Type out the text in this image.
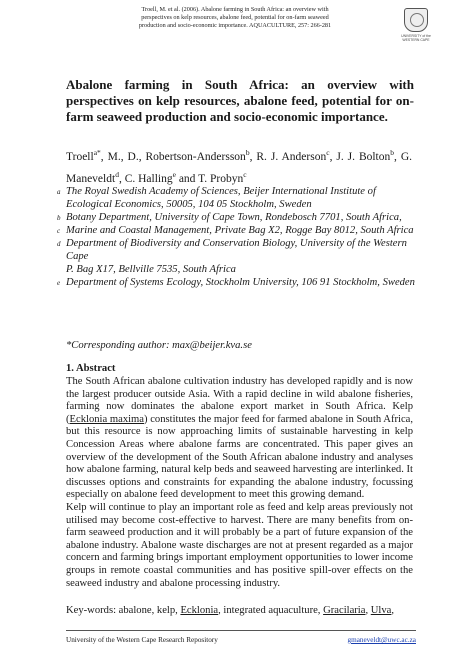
Troell, M. et al. (2006). Abalone farming in South Africa: an overview with
perspectives on kelp resources, abalone feed, potential for on-farm seaweed
production and socio-economic importance. AQUACULTURE, 257: 266-281
UNIVERSITY of the
WESTERN CAPE
Abalone farming in South Africa: an overview with perspectives on kelp resources, abalone feed, potential for on-farm seaweed production and socio-economic importance.
Troell$^{a*}$, M., D., Robertson-Andersson$^b$, R. J. Anderson$^c$, J. J. Bolton$^b$, G. Maneveldt$^d$, C. Halling$^e$ and T. Probyn$^c$

a The Royal Swedish Academy of Sciences, Beijer International Institute of Ecological Economics, 50005, 104 05 Stockholm, Sweden

b Botany Department, University of Cape Town, Rondebosch 7701, South Africa,

c Marine and Coastal Management, Private Bag X2, Rogge Bay 8012, South Africa

d Department of Biodiversity and Conservation Biology, University of the Western Cape
P. Bag X17, Bellville 7535, South Africa

e Department of Systems Ecology, Stockholm University, 106 91 Stockholm, Sweden

*Corresponding author: max@beijer.kva.se
1. Abstract

The South African abalone cultivation industry has developed rapidly and is now the largest producer outside Asia. With a rapid decline in wild abalone fisheries, farming now dominates the abalone export market in South Africa. Kelp (Ecklonia maxima) constitutes the major feed for farmed abalone in South Africa, but this resource is now approaching limits of sustainable harvesting in kelp Concession Areas where abalone farms are concentrated. This paper gives an overview of the development of the South African abalone industry and analyses how abalone farming, natural kelp beds and seaweed harvesting are interlinked. It discusses options and constraints for expanding the abalone industry, focussing especially on abalone feed development to meet this growing demand.

Kelp will continue to play an important role as feed and kelp areas previously not utilised may become cost-effective to harvest. There are many benefits from on-farm seaweed production and it will probably be a part of future expansion of the abalone industry. Abalone waste discharges are not at present regarded as a major concern and farming brings important employment opportunities to lower income groups in remote coastal communities and has positive spill-over effects on the seaweed industry and abalone processing industry.

Key-words: abalone, kelp, Ecklonia, integrated aquaculture, Gracilaria, Ulva,
University of the Western Cape Research Repository	gmaneveldt@uwc.ac.za
